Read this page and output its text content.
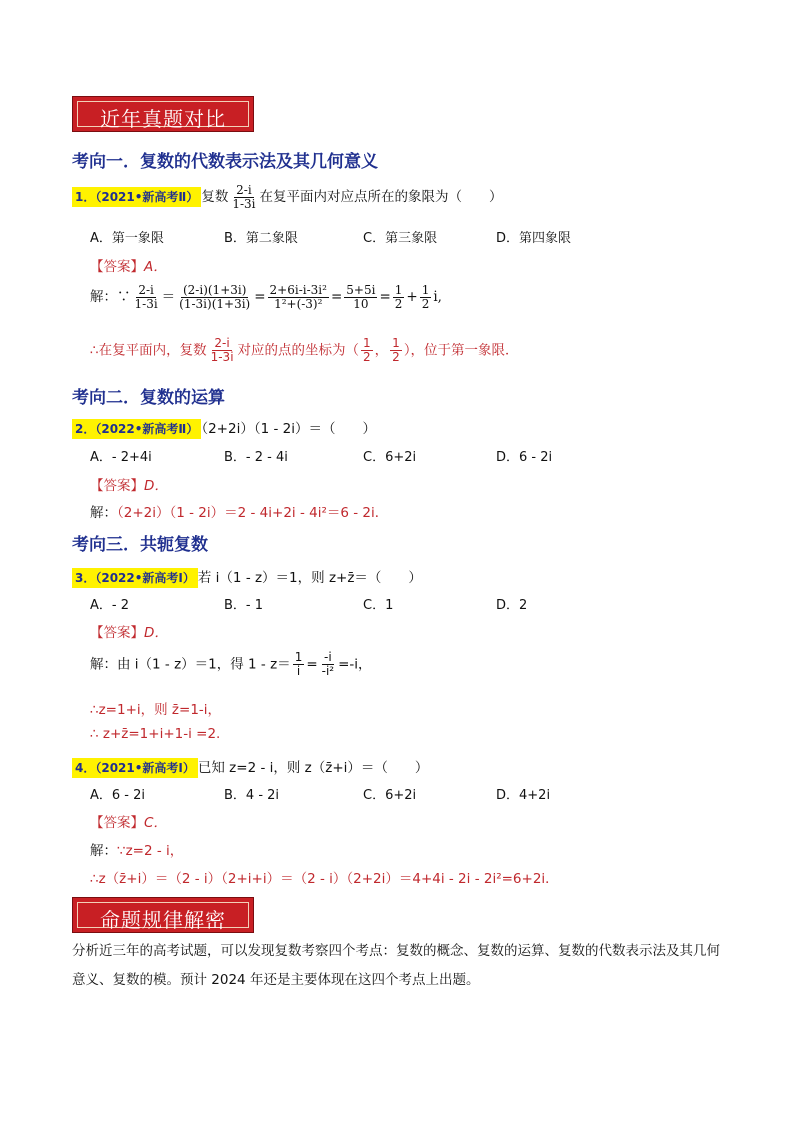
近年真题对比
考向一．复数的代数表示法及其几何意义
1．（2021•新高考Ⅱ） 复数 $\frac{2-i}{1-3i}$ 在复平面内对应点所在的象限为（　　）
A．第一象限	B．第二象限	C．第三象限	D．第四象限
【答案】A．
解：∵ $\frac{2-i}{1-3i} = \frac{(2-i)(1+3i)}{(1-3i)(1+3i)} = \frac{\text{2+6i-i-3i²}}{\text{1²+(-3)²}} = \frac{5+5i}{10} = \frac{1}{2} + \frac{1}{2} i$,
∴在复平面内，复数 $\frac{2-i}{1-3i}$ 对应的点的坐标为（ $\frac{1}{2}$ ， $\frac{1}{2}$ ），位于第一象限．
考向二．复数的运算
2．（2022•新高考Ⅱ） （2+2i）（1 - 2i）＝（　　）
A．- 2+4i	B．- 2 - 4i	C．6+2i	D．6 - 2i
【答案】D．
解：（2+2i）（1 - 2i）＝2 - 4i+2i - 4i²＝6 - 2i．
考向三．共轭复数
3．（2022•新高考Ⅰ） 若 i（1 - z）＝1，则 z+z̄＝（　　）
A．- 2	B．- 1	C．1	D．2
【答案】D．
解：由 i（1 - z）＝1，得 $1 - z= \frac{1}{i} = \frac{-i}{\text{-i²}} =-i$，
∴z=1+i，则 z̄=1-i，
∴ z+z̄=1+i+1-i =2.
4．（2021•新高考Ⅰ） 已知 z=2 - i，则 z（z̄+i）＝（　　）
A．6 - 2i	B．4 - 2i	C．6+2i	D．4+2i
【答案】C．
解：∵z=2 - i，
∴z（z̄+i）＝（2 - i）（2+i+i）＝（2 - i）（2+2i）＝4+4i - 2i - 2i²=6+2i．
命题规律解密
分析近三年的高考试题，可以发现复数考察四个考点：复数的概念、复数的运算、复数的代数表示法及其几何意义、复数的模。预计 2024 年还是主要体现在这四个考点上出题。
